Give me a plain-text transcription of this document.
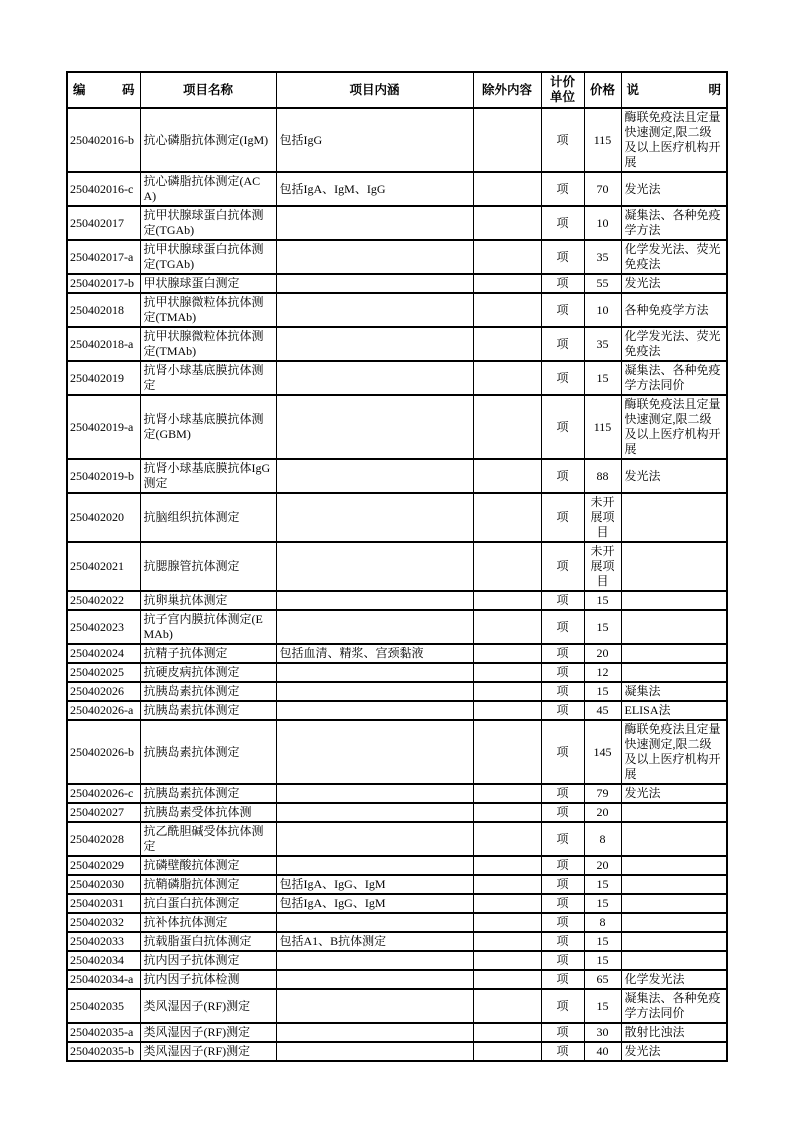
编 码	项目名称	项目内涵	除外内容	计价单位	价格	说明
250402016-b	抗心磷脂抗体测定(IgM)	包括IgG		项	115	酶联免疫法且定量快速测定,限二级及以上医疗机构开展
250402016-c	抗心磷脂抗体测定(ACA)	包括IgA、IgM、IgG		项	70	发光法
250402017	抗甲状腺球蛋白抗体测定(TGAb)			项	10	凝集法、各种免疫学方法
250402017-a	抗甲状腺球蛋白抗体测定(TGAb)			项	35	化学发光法、荧光免疫法
250402017-b	甲状腺球蛋白测定			项	55	发光法
250402018	抗甲状腺微粒体抗体测定(TMAb)			项	10	各种免疫学方法
250402018-a	抗甲状腺微粒体抗体测定(TMAb)			项	35	化学发光法、荧光免疫法
250402019	抗肾小球基底膜抗体测定			项	15	凝集法、各种免疫学方法同价
250402019-a	抗肾小球基底膜抗体测定(GBM)			项	115	酶联免疫法且定量快速测定,限二级及以上医疗机构开展
250402019-b	抗肾小球基底膜抗体IgG测定			项	88	发光法
250402020	抗脑组织抗体测定			项	未开展项目	
250402021	抗腮腺管抗体测定			项	未开展项目	
250402022	抗卵巢抗体测定			项	15	
250402023	抗子宫内膜抗体测定(EMAb)			项	15	
250402024	抗精子抗体测定	包括血清、精浆、宫颈黏液		项	20	
250402025	抗硬皮病抗体测定			项	12	
250402026	抗胰岛素抗体测定			项	15	凝集法
250402026-a	抗胰岛素抗体测定			项	45	ELISA法
250402026-b	抗胰岛素抗体测定			项	145	酶联免疫法且定量快速测定,限二级及以上医疗机构开展
250402026-c	抗胰岛素抗体测定			项	79	发光法
250402027	抗胰岛素受体抗体测			项	20	
250402028	抗乙酰胆碱受体抗体测定			项	8	
250402029	抗磷壁酸抗体测定			项	20	
250402030	抗鞘磷脂抗体测定	包括IgA、IgG、IgM		项	15	
250402031	抗白蛋白抗体测定	包括IgA、IgG、IgM		项	15	
250402032	抗补体抗体测定			项	8	
250402033	抗载脂蛋白抗体测定	包括A1、B抗体测定		项	15	
250402034	抗内因子抗体测定			项	15	
250402034-a	抗内因子抗体检测			项	65	化学发光法
250402035	类风湿因子(RF)测定			项	15	凝集法、各种免疫学方法同价
250402035-a	类风湿因子(RF)测定			项	30	散射比浊法
250402035-b	类风湿因子(RF)测定			项	40	发光法
